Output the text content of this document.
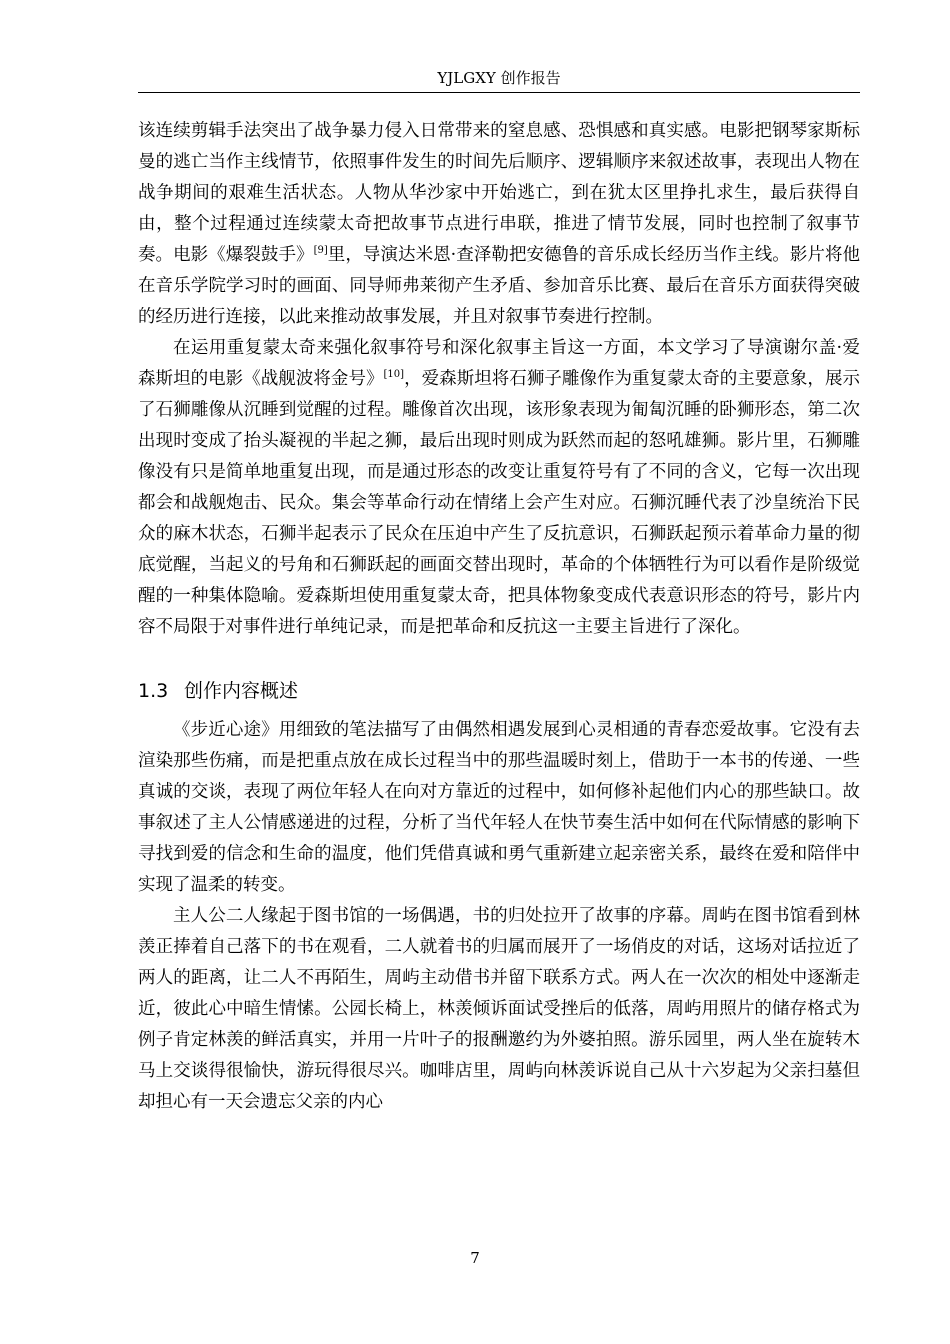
YJLGXY 创作报告

该连续剪辑手法突出了战争暴力侵入日常带来的窒息感、恐惧感和真实感。电影把钢琴家斯标曼的逃亡当作主线情节，依照事件发生的时间先后顺序、逻辑顺序来叙述故事，表现出人物在战争期间的艰难生活状态。人物从华沙家中开始逃亡，到在犹太区里挣扎求生，最后获得自由，整个过程通过连续蒙太奇把故事节点进行串联，推进了情节发展，同时也控制了叙事节奏。电影《爆裂鼓手》[9]里，导演达米恩·查泽勒把安德鲁的音乐成长经历当作主线。影片将他在音乐学院学习时的画面、同导师弗莱彻产生矛盾、参加音乐比赛、最后在音乐方面获得突破的经历进行连接，以此来推动故事发展，并且对叙事节奏进行控制。

在运用重复蒙太奇来强化叙事符号和深化叙事主旨这一方面，本文学习了导演谢尔盖·爱森斯坦的电影《战舰波将金号》[10]，爱森斯坦将石狮子雕像作为重复蒙太奇的主要意象，展示了石狮雕像从沉睡到觉醒的过程。雕像首次出现，该形象表现为匍匐沉睡的卧狮形态，第二次出现时变成了抬头凝视的半起之狮，最后出现时则成为跃然而起的怒吼雄狮。影片里，石狮雕像没有只是简单地重复出现，而是通过形态的改变让重复符号有了不同的含义，它每一次出现都会和战舰炮击、民众。集会等革命行动在情绪上会产生对应。石狮沉睡代表了沙皇统治下民众的麻木状态，石狮半起表示了民众在压迫中产生了反抗意识，石狮跃起预示着革命力量的彻底觉醒，当起义的号角和石狮跃起的画面交替出现时，革命的个体牺牲行为可以看作是阶级觉醒的一种集体隐喻。爱森斯坦使用重复蒙太奇，把具体物象变成代表意识形态的符号，影片内容不局限于对事件进行单纯记录，而是把革命和反抗这一主要主旨进行了深化。

1.3 创作内容概述

《步近心途》用细致的笔法描写了由偶然相遇发展到心灵相通的青春恋爱故事。它没有去渲染那些伤痛，而是把重点放在成长过程当中的那些温暖时刻上，借助于一本书的传递、一些真诚的交谈，表现了两位年轻人在向对方靠近的过程中，如何修补起他们内心的那些缺口。故事叙述了主人公情感递进的过程，分析了当代年轻人在快节奏生活中如何在代际情感的影响下寻找到爱的信念和生命的温度，他们凭借真诚和勇气重新建立起亲密关系，最终在爱和陪伴中实现了温柔的转变。

主人公二人缘起于图书馆的一场偶遇，书的归处拉开了故事的序幕。周屿在图书馆看到林羡正捧着自己落下的书在观看，二人就着书的归属而展开了一场俏皮的对话，这场对话拉近了两人的距离，让二人不再陌生，周屿主动借书并留下联系方式。两人在一次次的相处中逐渐走近，彼此心中暗生情愫。公园长椅上，林羡倾诉面试受挫后的低落，周屿用照片的储存格式为例子肯定林羡的鲜活真实，并用一片叶子的报酬邀约为外婆拍照。游乐园里，两人坐在旋转木马上交谈得很愉快，游玩得很尽兴。咖啡店里，周屿向林羡诉说自己从十六岁起为父亲扫墓但却担心有一天会遗忘父亲的内心

7
